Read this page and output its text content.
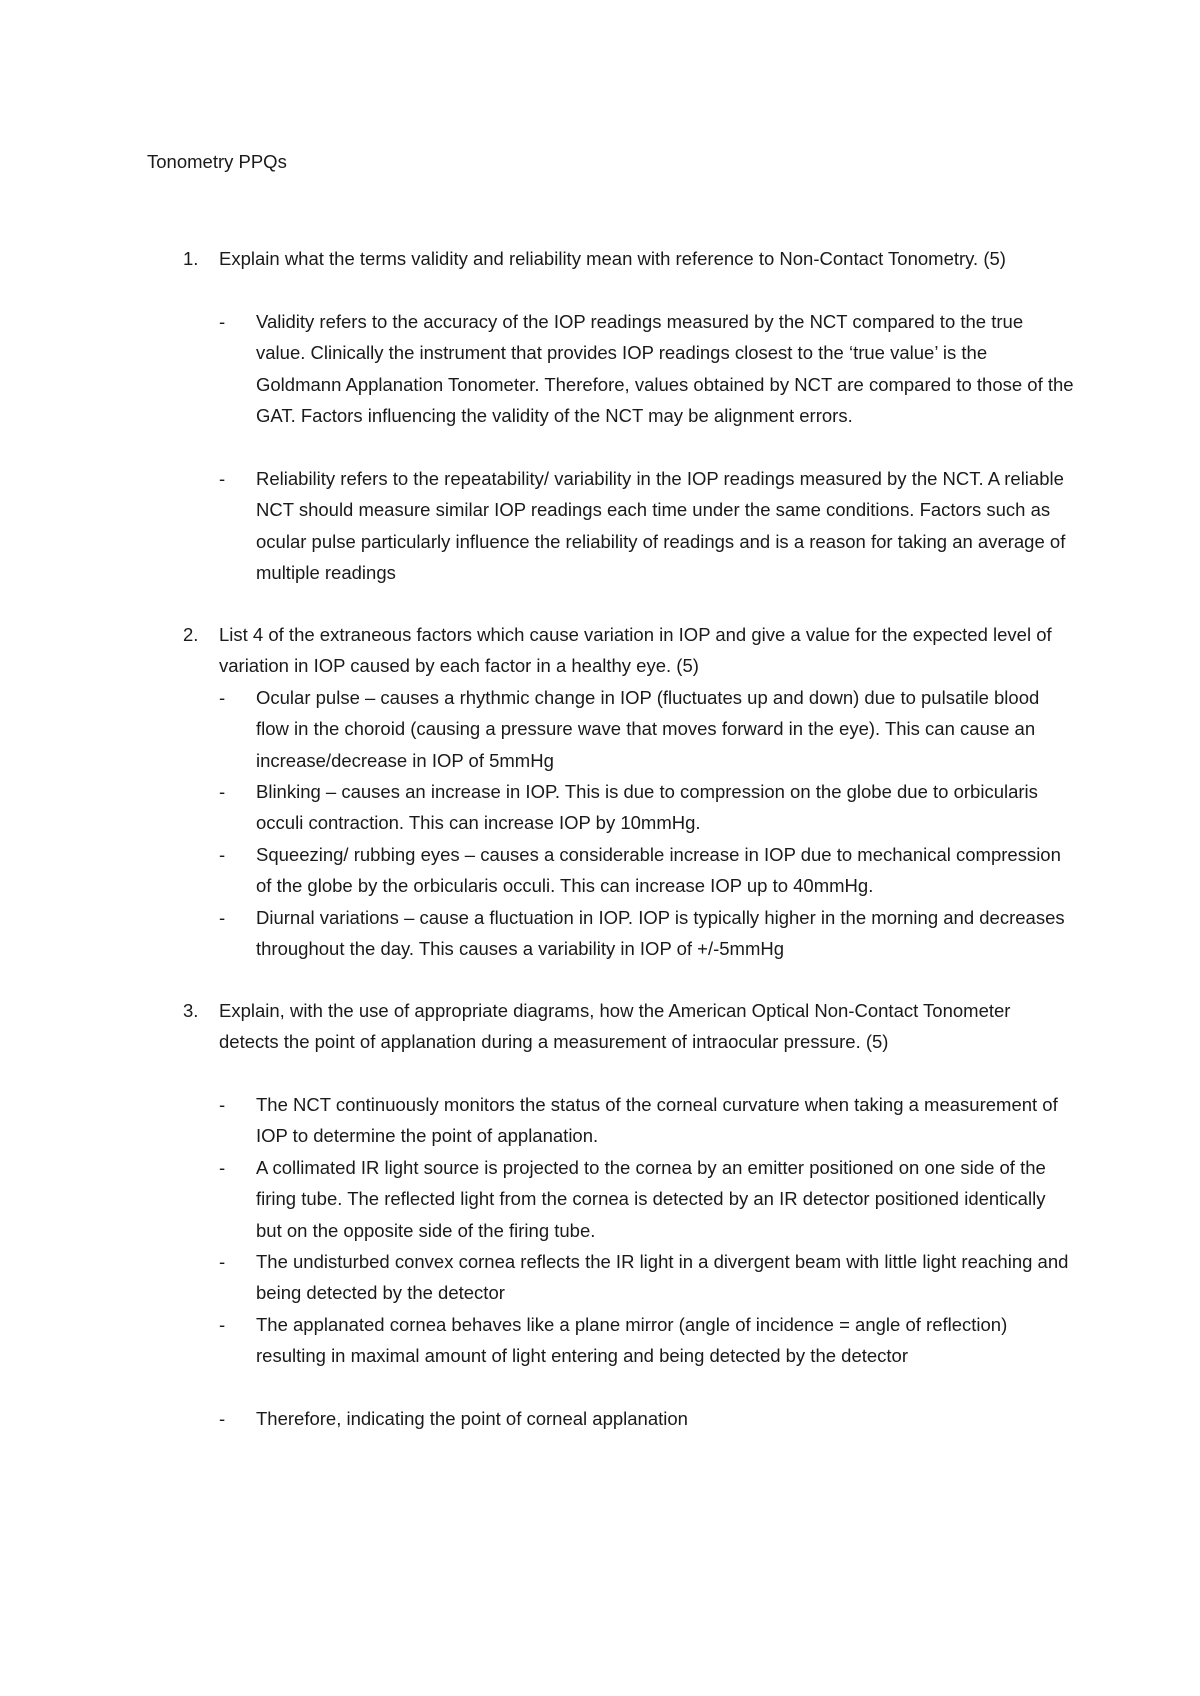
Tonometry PPQs
1. Explain what the terms validity and reliability mean with reference to Non-Contact Tonometry. (5)

- Validity refers to the accuracy of the IOP readings measured by the NCT compared to the true value. Clinically the instrument that provides IOP readings closest to the ‘true value’ is the Goldmann Applanation Tonometer. Therefore, values obtained by NCT are compared to those of the GAT. Factors influencing the validity of the NCT may be alignment errors.

- Reliability refers to the repeatability/ variability in the IOP readings measured by the NCT. A reliable NCT should measure similar IOP readings each time under the same conditions. Factors such as ocular pulse particularly influence the reliability of readings and is a reason for taking an average of multiple readings

2. List 4 of the extraneous factors which cause variation in IOP and give a value for the expected level of variation in IOP caused by each factor in a healthy eye. (5)

- Ocular pulse – causes a rhythmic change in IOP (fluctuates up and down) due to pulsatile blood flow in the choroid (causing a pressure wave that moves forward in the eye). This can cause an increase/decrease in IOP of 5mmHg

- Blinking – causes an increase in IOP. This is due to compression on the globe due to orbicularis occuli contraction. This can increase IOP by 10mmHg.

- Squeezing/ rubbing eyes – causes a considerable increase in IOP due to mechanical compression of the globe by the orbicularis occuli. This can increase IOP up to 40mmHg.

- Diurnal variations – cause a fluctuation in IOP. IOP is typically higher in the morning and decreases throughout the day. This causes a variability in IOP of +/-5mmHg

3. Explain, with the use of appropriate diagrams, how the American Optical Non-Contact Tonometer detects the point of applanation during a measurement of intraocular pressure. (5)

- The NCT continuously monitors the status of the corneal curvature when taking a measurement of IOP to determine the point of applanation.

- A collimated IR light source is projected to the cornea by an emitter positioned on one side of the firing tube. The reflected light from the cornea is detected by an IR detector positioned identically but on the opposite side of the firing tube.

- The undisturbed convex cornea reflects the IR light in a divergent beam with little light reaching and being detected by the detector

- The applanated cornea behaves like a plane mirror (angle of incidence = angle of reflection) resulting in maximal amount of light entering and being detected by the detector

- Therefore, indicating the point of corneal applanation
